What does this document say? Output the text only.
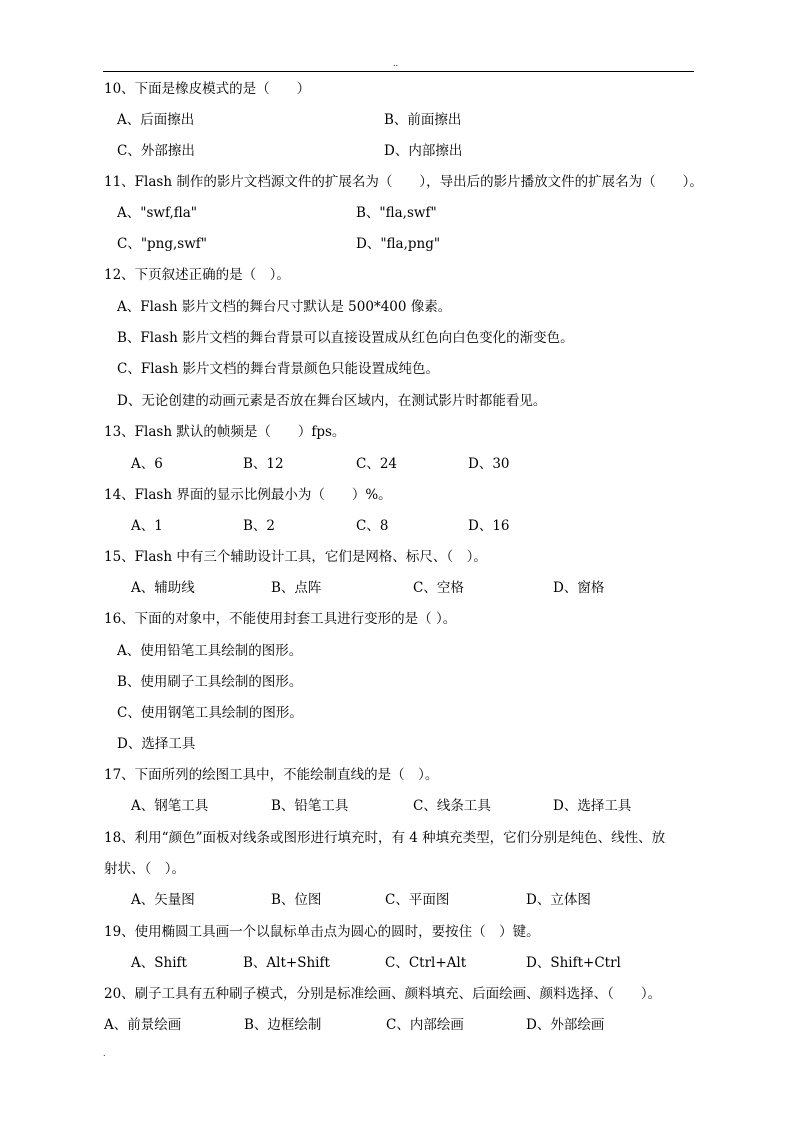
..
10、下面是橡皮模式的是（　　）
A、后面擦出	B、前面擦出
C、外部擦出	D、内部擦出
11、Flash 制作的影片文档源文件的扩展名为（　　），导出后的影片播放文件的扩展名为（　　）。
A、"swf,fla"	B、"fla,swf"
C、"png,swf"	D、"fla,png"
12、下页叙述正确的是（　）。
A、Flash 影片文档的舞台尺寸默认是 500*400 像素。
B、Flash 影片文档的舞台背景可以直接设置成从红色向白色变化的渐变色。
C、Flash 影片文档的舞台背景颜色只能设置成纯色。
D、无论创建的动画元素是否放在舞台区域内，在测试影片时都能看见。
13、Flash 默认的帧频是（　　）fps。
A、6	B、12	C、24	D、30
14、Flash 界面的显示比例最小为（　　）%。
A、1	B、2	C、8	D、16
15、Flash 中有三个辅助设计工具，它们是网格、标尺、（　）。
A、辅助线	B、点阵	C、空格	D、窗格
16、下面的对象中，不能使用封套工具进行变形的是（ ）。
A、使用铅笔工具绘制的图形。
B、使用刷子工具绘制的图形。
C、使用钢笔工具绘制的图形。
D、选择工具
17、下面所列的绘图工具中，不能绘制直线的是（　）。
A、钢笔工具	B、铅笔工具	C、线条工具	D、选择工具
18、利用“颜色”面板对线条或图形进行填充时，有 4 种填充类型，它们分别是纯色、线性、放
射状、（　）。
A、矢量图	B、位图	C、平面图	D、立体图
19、使用椭圆工具画一个以鼠标单击点为圆心的圆时，要按住（　）键。
A、Shift	B、Alt+Shift	C、Ctrl+Alt	D、Shift+Ctrl
20、刷子工具有五种刷子模式，分别是标准绘画、颜料填充、后面绘画、颜料选择、（　　）。
A、前景绘画	B、边框绘制	C、内部绘画	D、外部绘画
.
